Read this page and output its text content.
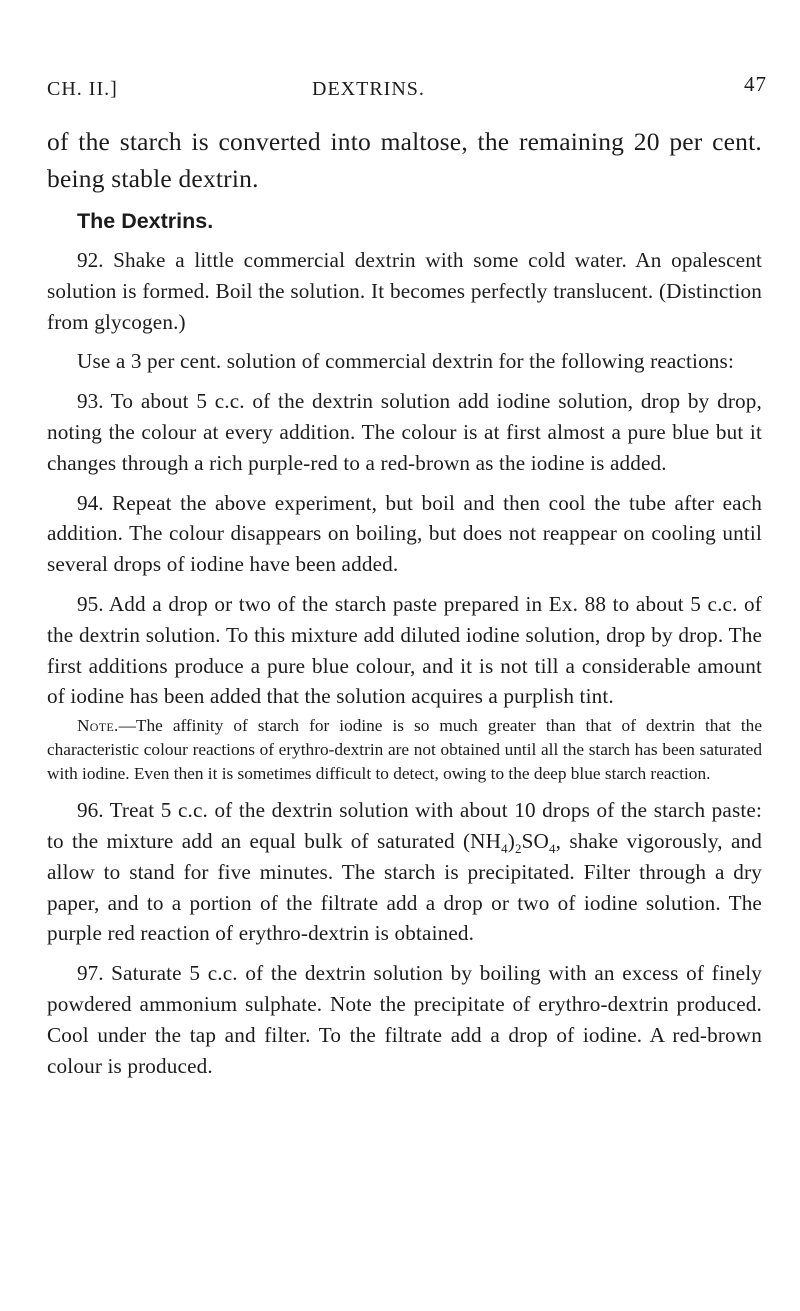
CH. II.]	DEXTRINS.	47

of the starch is converted into maltose, the remaining 20 per cent. being stable dextrin.

The Dextrins.

92. Shake a little commercial dextrin with some cold water. An opalescent solution is formed. Boil the solution. It becomes perfectly translucent. (Distinction from glycogen.)

Use a 3 per cent. solution of commercial dextrin for the following reactions:

93. To about 5 c.c. of the dextrin solution add iodine solution, drop by drop, noting the colour at every addition. The colour is at first almost a pure blue but it changes through a rich purple-red to a red-brown as the iodine is added.

94. Repeat the above experiment, but boil and then cool the tube after each addition. The colour disappears on boiling, but does not reappear on cooling until several drops of iodine have been added.

95. Add a drop or two of the starch paste prepared in Ex. 88 to about 5 c.c. of the dextrin solution. To this mixture add diluted iodine solution, drop by drop. The first additions produce a pure blue colour, and it is not till a considerable amount of iodine has been added that the solution acquires a purplish tint.

Note.—The affinity of starch for iodine is so much greater than that of dextrin that the characteristic colour reactions of erythro-dextrin are not obtained until all the starch has been saturated with iodine. Even then it is sometimes difficult to detect, owing to the deep blue starch reaction.

96. Treat 5 c.c. of the dextrin solution with about 10 drops of the starch paste: to the mixture add an equal bulk of saturated $(NH_4)_2SO_4$, shake vigorously, and allow to stand for five minutes. The starch is precipitated. Filter through a dry paper, and to a portion of the filtrate add a drop or two of iodine solution. The purple red reaction of erythro-dextrin is obtained.

97. Saturate 5 c.c. of the dextrin solution by boiling with an excess of finely powdered ammonium sulphate. Note the precipitate of erythro-dextrin produced. Cool under the tap and filter. To the filtrate add a drop of iodine. A red-brown colour is produced.
